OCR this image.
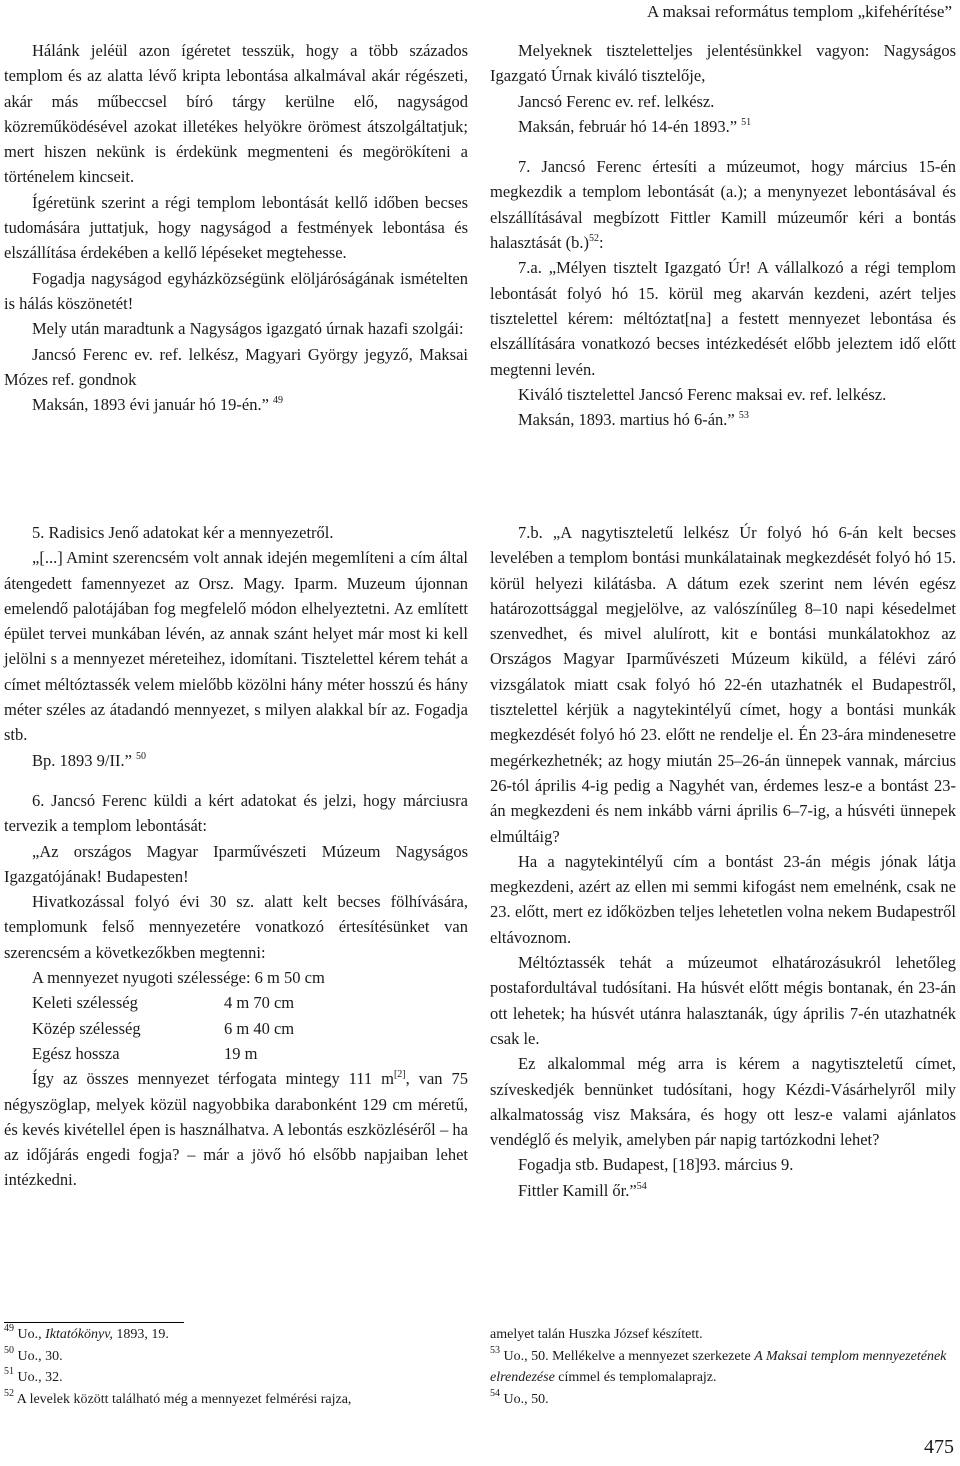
A maksai református templom „kifehérítése”

Hálánk jeléül azon ígéretet tesszük, hogy a több százados templom és az alatta lévő kripta lebontása alkalmával akár régészeti, akár más műbeccsel bíró tárgy kerülne elő, nagyságod közreműködésével azokat illetékes helyökre örömest átszolgáltatjuk; mert hiszen nekünk is érdekünk megmenteni és megörökíteni a történelem kincseit.

Ígéretünk szerint a régi templom lebontását kellő időben becses tudomására juttatjuk, hogy nagyságod a festmények lebontása és elszállítása érdekében a kellő lépéseket megtehesse.

Fogadja nagyságod egyházközségünk elöljáróságának ismételten is hálás köszönetét!

Mely után maradtunk a Nagyságos igazgató úrnak hazafi szolgái:

Jancsó Ferenc ev. ref. lelkész, Magyari György jegyző, Maksai Mózes ref. gondnok

Maksán, 1893 évi január hó 19-én.” $^{49}$

5. Radisics Jenő adatokat kér a mennyezetről.

„[...] Amint szerencsém volt annak idején megemlíteni a cím által átengedett famennyezet az Orsz. Magy. Iparm. Muzeum újonnan emelendő palotájában fog megfelelő módon elhelyeztetni. Az említett épület tervei munkában lévén, az annak szánt helyet már most ki kell jelölni s a mennyezet méreteihez, idomítani. Tisztelettel kérem tehát a címet méltóztassék velem mielőbb közölni hány méter hosszú és hány méter széles az átadandó mennyezet, s milyen alakkal bír az. Fogadja stb.

Bp. 1893 9/II.” $^{50}$

6. Jancsó Ferenc küldi a kért adatokat és jelzi, hogy márciusra tervezik a templom lebontását:

„Az országos Magyar Iparművészeti Múzeum Nagyságos Igazgatójának! Budapesten!

Hivatkozással folyó évi 30 sz. alatt kelt becses fölhívására, templomunk felső mennyezetére vonatkozó értesítésünket van szerencsém a következőkben megtenni:

A mennyezet nyugoti szélessége: 6 m 50 cm

Keleti szélesség	4 m 70 cm
Közép szélesség	6 m 40 cm
Egész hossza	19 m

Így az összes mennyezet térfogata mintegy 111 m[2], van 75 négyszöglap, melyek közül nagyobbika darabonként 129 cm méretű, és kevés kivétellel épen is használhatva. A lebontás eszközléséről – ha az időjárás engedi fogja? – már a jövő hó elsőbb napjaiban lehet intézkedni.

Melyeknek tiszteletteljes jelentésünkkel vagyon: Nagyságos Igazgató Úrnak kiváló tisztelője,

Jancsó Ferenc ev. ref. lelkész.

Maksán, február hó 14-én 1893.” $^{51}$

7. Jancsó Ferenc értesíti a múzeumot, hogy március 15-én megkezdik a templom lebontását (a.); a menynyezet lebontásával és elszállításával megbízott Fittler Kamill múzeumőr kéri a bontás halasztását $(b.)^{52}$:

7.a. „Mélyen tisztelt Igazgató Úr! A vállalkozó a régi templom lebontását folyó hó 15. körül meg akarván kezdeni, azért teljes tisztelettel kérem: méltóztat[na] a festett mennyezet lebontása és elszállítására vonatkozó becses intézkedését előbb jeleztem idő előtt megtenni levén.

Kiváló tisztelettel Jancsó Ferenc maksai ev. ref. lelkész.

Maksán, 1893. martius hó 6-án.” $^{53}$

7.b. „A nagytiszteletű lelkész Úr folyó hó 6-án kelt becses levelében a templom bontási munkálatainak megkezdését folyó hó 15. körül helyezi kilátásba. A dátum ezek szerint nem lévén egész határozottsággal megjelölve, az valószínűleg 8–10 napi késedelmet szenvedhet, és mivel alulírott, kit e bontási munkálatokhoz az Országos Magyar Iparművészeti Múzeum kiküld, a félévi záró vizsgálatok miatt csak folyó hó 22-én utazhatnék el Budapestről, tisztelettel kérjük a nagytekintélyű címet, hogy a bontási munkák megkezdését folyó hó 23. előtt ne rendelje el. Én 23-ára mindenesetre megérkezhetnék; az hogy miután 25–26-án ünnepek vannak, március 26-tól április 4-ig pedig a Nagyhét van, érdemes lesz-e a bontást 23-án megkezdeni és nem inkább várni április 6–7-ig, a húsvéti ünnepek elmúltáig?

Ha a nagytekintélyű cím a bontást 23-án mégis jónak látja megkezdeni, azért az ellen mi semmi kifogást nem emelnénk, csak ne 23. előtt, mert ez időközben teljes lehetetlen volna nekem Budapestről eltávoznom.

Méltóztassék tehát a múzeumot elhatározásukról lehetőleg postafordultával tudósítani. Ha húsvét előtt mégis bontanak, én 23-án ott lehetek; ha húsvét utánra halasztanák, úgy április 7-én utazhatnék csak le.

Ez alkalommal még arra is kérem a nagytiszteletű címet, szíveskedjék bennünket tudósítani, hogy Kézdi-Vásárhelyről mily alkalmatosság visz Maksára, és hogy ott lesz-e valami ajánlatos vendéglő és melyik, amelyben pár napig tartózkodni lehet?

Fogadja stb. Budapest, [18]93. március 9.

Fittler Kamill őr.”$^{54}$

$^{49}$ Uo., Iktatókönyv, 1893, 19.

$^{50}$ Uo., 30.

$^{51}$ Uo., 32.

$^{52}$ A levelek között található még a mennyezet felmérési rajza,

amelyet talán Huszka József készített.

$^{53}$ Uo., 50. Mellékelve a mennyezet szerkezete A Maksai templom mennyezetének elrendezése címmel és templomalaprajz.

$^{54}$ Uo., 50.

475
